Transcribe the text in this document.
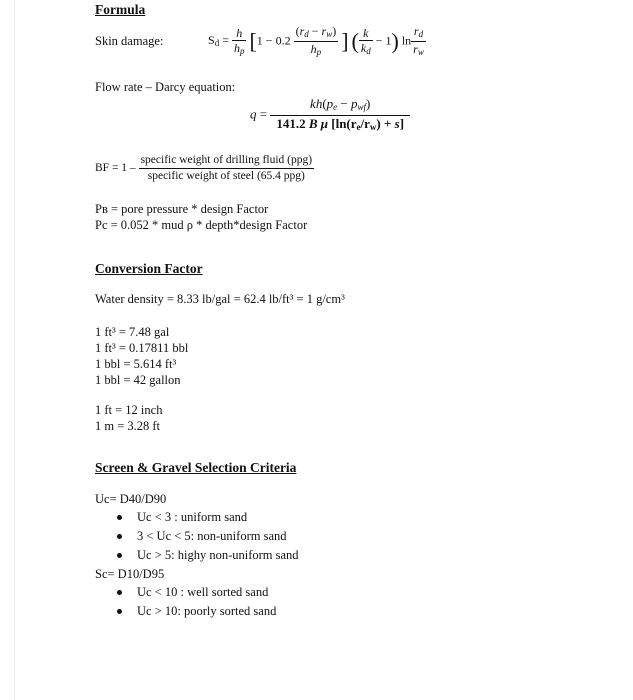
Formula
Skin damage:	$S_d = \frac{h}{h_p} [1 - 0.2 \frac{(r_d - r_w)}{h_p}$ ] ( $\frac{k}{k_d} - 1$) $\ln \frac{r_d}{r_w}$
Flow rate – Darcy equation:
$q = \frac{kh(p_e - p_{wf})}{141.2 B \mu [\ln(r_e/r_w) + s]}$
BF = $1 - \frac{\text{specific weight of drilling fluid (ppg)}}{\text{specific weight of steel (65.4 ppg)}}$
Pʙ = pore pressure * design Factor
Pc = 0.052 * mud ρ * depth*design Factor
Conversion Factor
Water density = 8.33 lb/gal = 62.4 lb/ft³ = 1 g/cm³
1 ft³ = 7.48 gal
1 ft³ = 0.17811 bbl
1 bbl = 5.614 ft³
1 bbl = 42 gallon
1 ft = 12 inch
1 m = 3.28 ft
Screen & Gravel Selection Criteria
Uc= D40/D90
Uc < 3 : uniform sand
3 < Uc < 5: non-uniform sand
Uc > 5: highy non-uniform sand
Sc= D10/D95
Uc < 10 : well sorted sand
Uc > 10: poorly sorted sand
